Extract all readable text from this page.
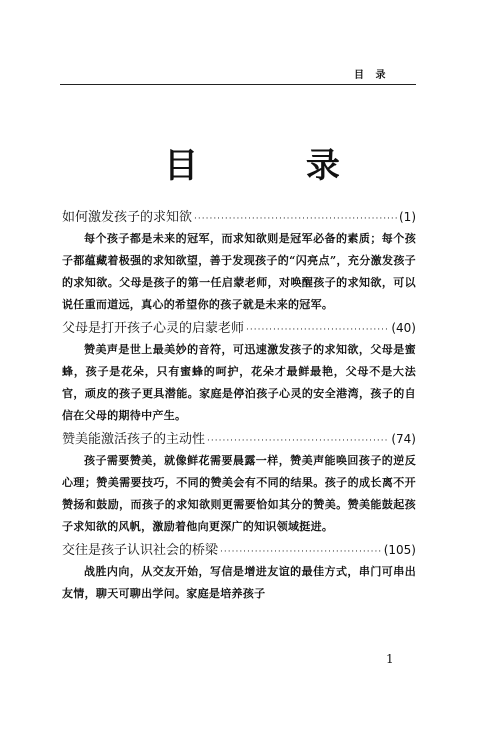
目 录
目 录
如何激发孩子的求知欲 ·····	(1)

每个孩子都是未来的冠军，而求知欲则是冠军必备的素质；每个孩子都蕴藏着极强的求知欲望，善于发现孩子的“闪亮点”，充分激发孩子的求知欲。父母是孩子的第一任启蒙老师，对唤醒孩子的求知欲，可以说任重而道远，真心的希望你的孩子就是未来的冠军。

父母是打开孩子心灵的启蒙老师 ·····	(40)

赞美声是世上最美妙的音符，可迅速激发孩子的求知欲，父母是蜜蜂，孩子是花朵，只有蜜蜂的呵护，花朵才最鲜最艳，父母不是大法官，顽皮的孩子更具潜能。家庭是停泊孩子心灵的安全港湾，孩子的自信在父母的期待中产生。

赞美能激活孩子的主动性 ·····	(74)

孩子需要赞美，就像鲜花需要晨露一样，赞美声能唤回孩子的逆反心理；赞美需要技巧，不同的赞美会有不同的结果。孩子的成长离不开赞扬和鼓励，而孩子的求知欲则更需要恰如其分的赞美。赞美能鼓起孩子求知欲的风帆，激励着他向更深广的知识领域挺进。

交往是孩子认识社会的桥梁 ·····	(105)

战胜内向，从交友开始，写信是增进友谊的最佳方式，串门可串出友情，聊天可聊出学问。家庭是培养孩子

1
